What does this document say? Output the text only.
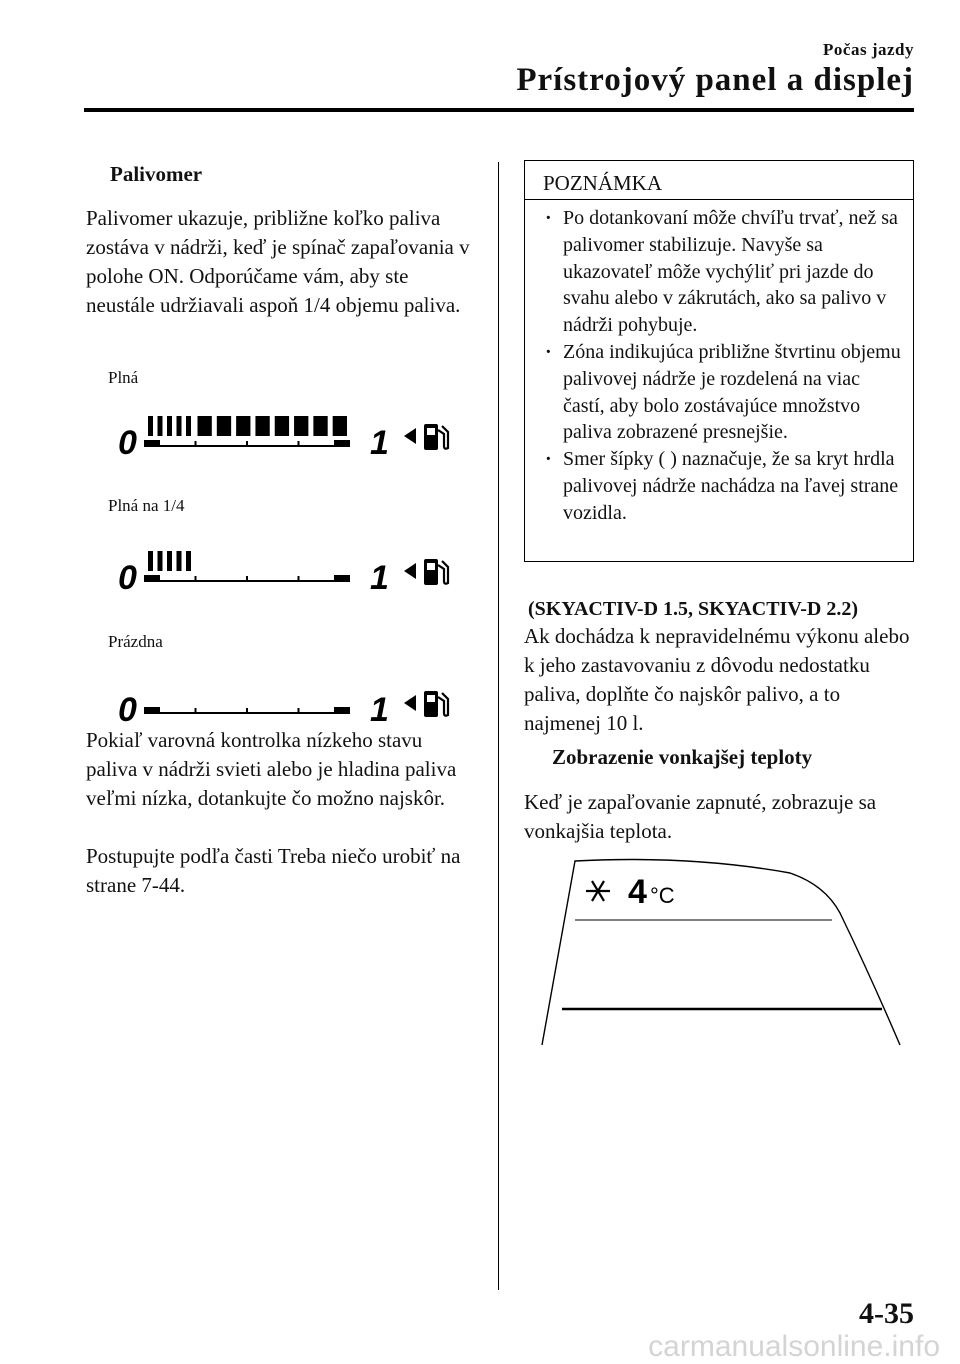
Počas jazdy
Prístrojový panel a displej
Palivomer
Palivomer ukazuje, približne koľko paliva zostáva v nádrži, keď je spínač zapaľovania v polohe ON. Odporúčame vám, aby ste neustále udržiavali aspoň 1/4 objemu paliva.
Plná
0	1
Plná na 1/4
0	1
Prázdna
0	1
Pokiaľ varovná kontrolka nízkeho stavu paliva v nádrži svieti alebo je hladina paliva veľmi nízka, dotankujte čo možno najskôr.
Postupujte podľa časti Treba niečo urobiť na strane 7-44.
POZNÁMKA
· Po dotankovaní môže chvíľu trvať, než sa palivomer stabilizuje. Navyše sa ukazovateľ môže vychýliť pri jazde do svahu alebo v zákrutách, ako sa palivo v nádrži pohybuje.
· Zóna indikujúca približne štvrtinu objemu palivovej nádrže je rozdelená na viac častí, aby bolo zostávajúce množstvo paliva zobrazené presnejšie.
· Smer šípky ( ) naznačuje, že sa kryt hrdla palivovej nádrže nachádza na ľavej strane vozidla.
(SKYACTIV-D 1.5, SKYACTIV-D 2.2)
Ak dochádza k nepravidelnému výkonu alebo k jeho zastavovaniu z dôvodu nedostatku paliva, doplňte čo najskôr palivo, a to najmenej 10 l.
Zobrazenie vonkajšej teploty
Keď je zapaľovanie zapnuté, zobrazuje sa vonkajšia teplota.
4 °C
4-35
carmanualsonline.info
